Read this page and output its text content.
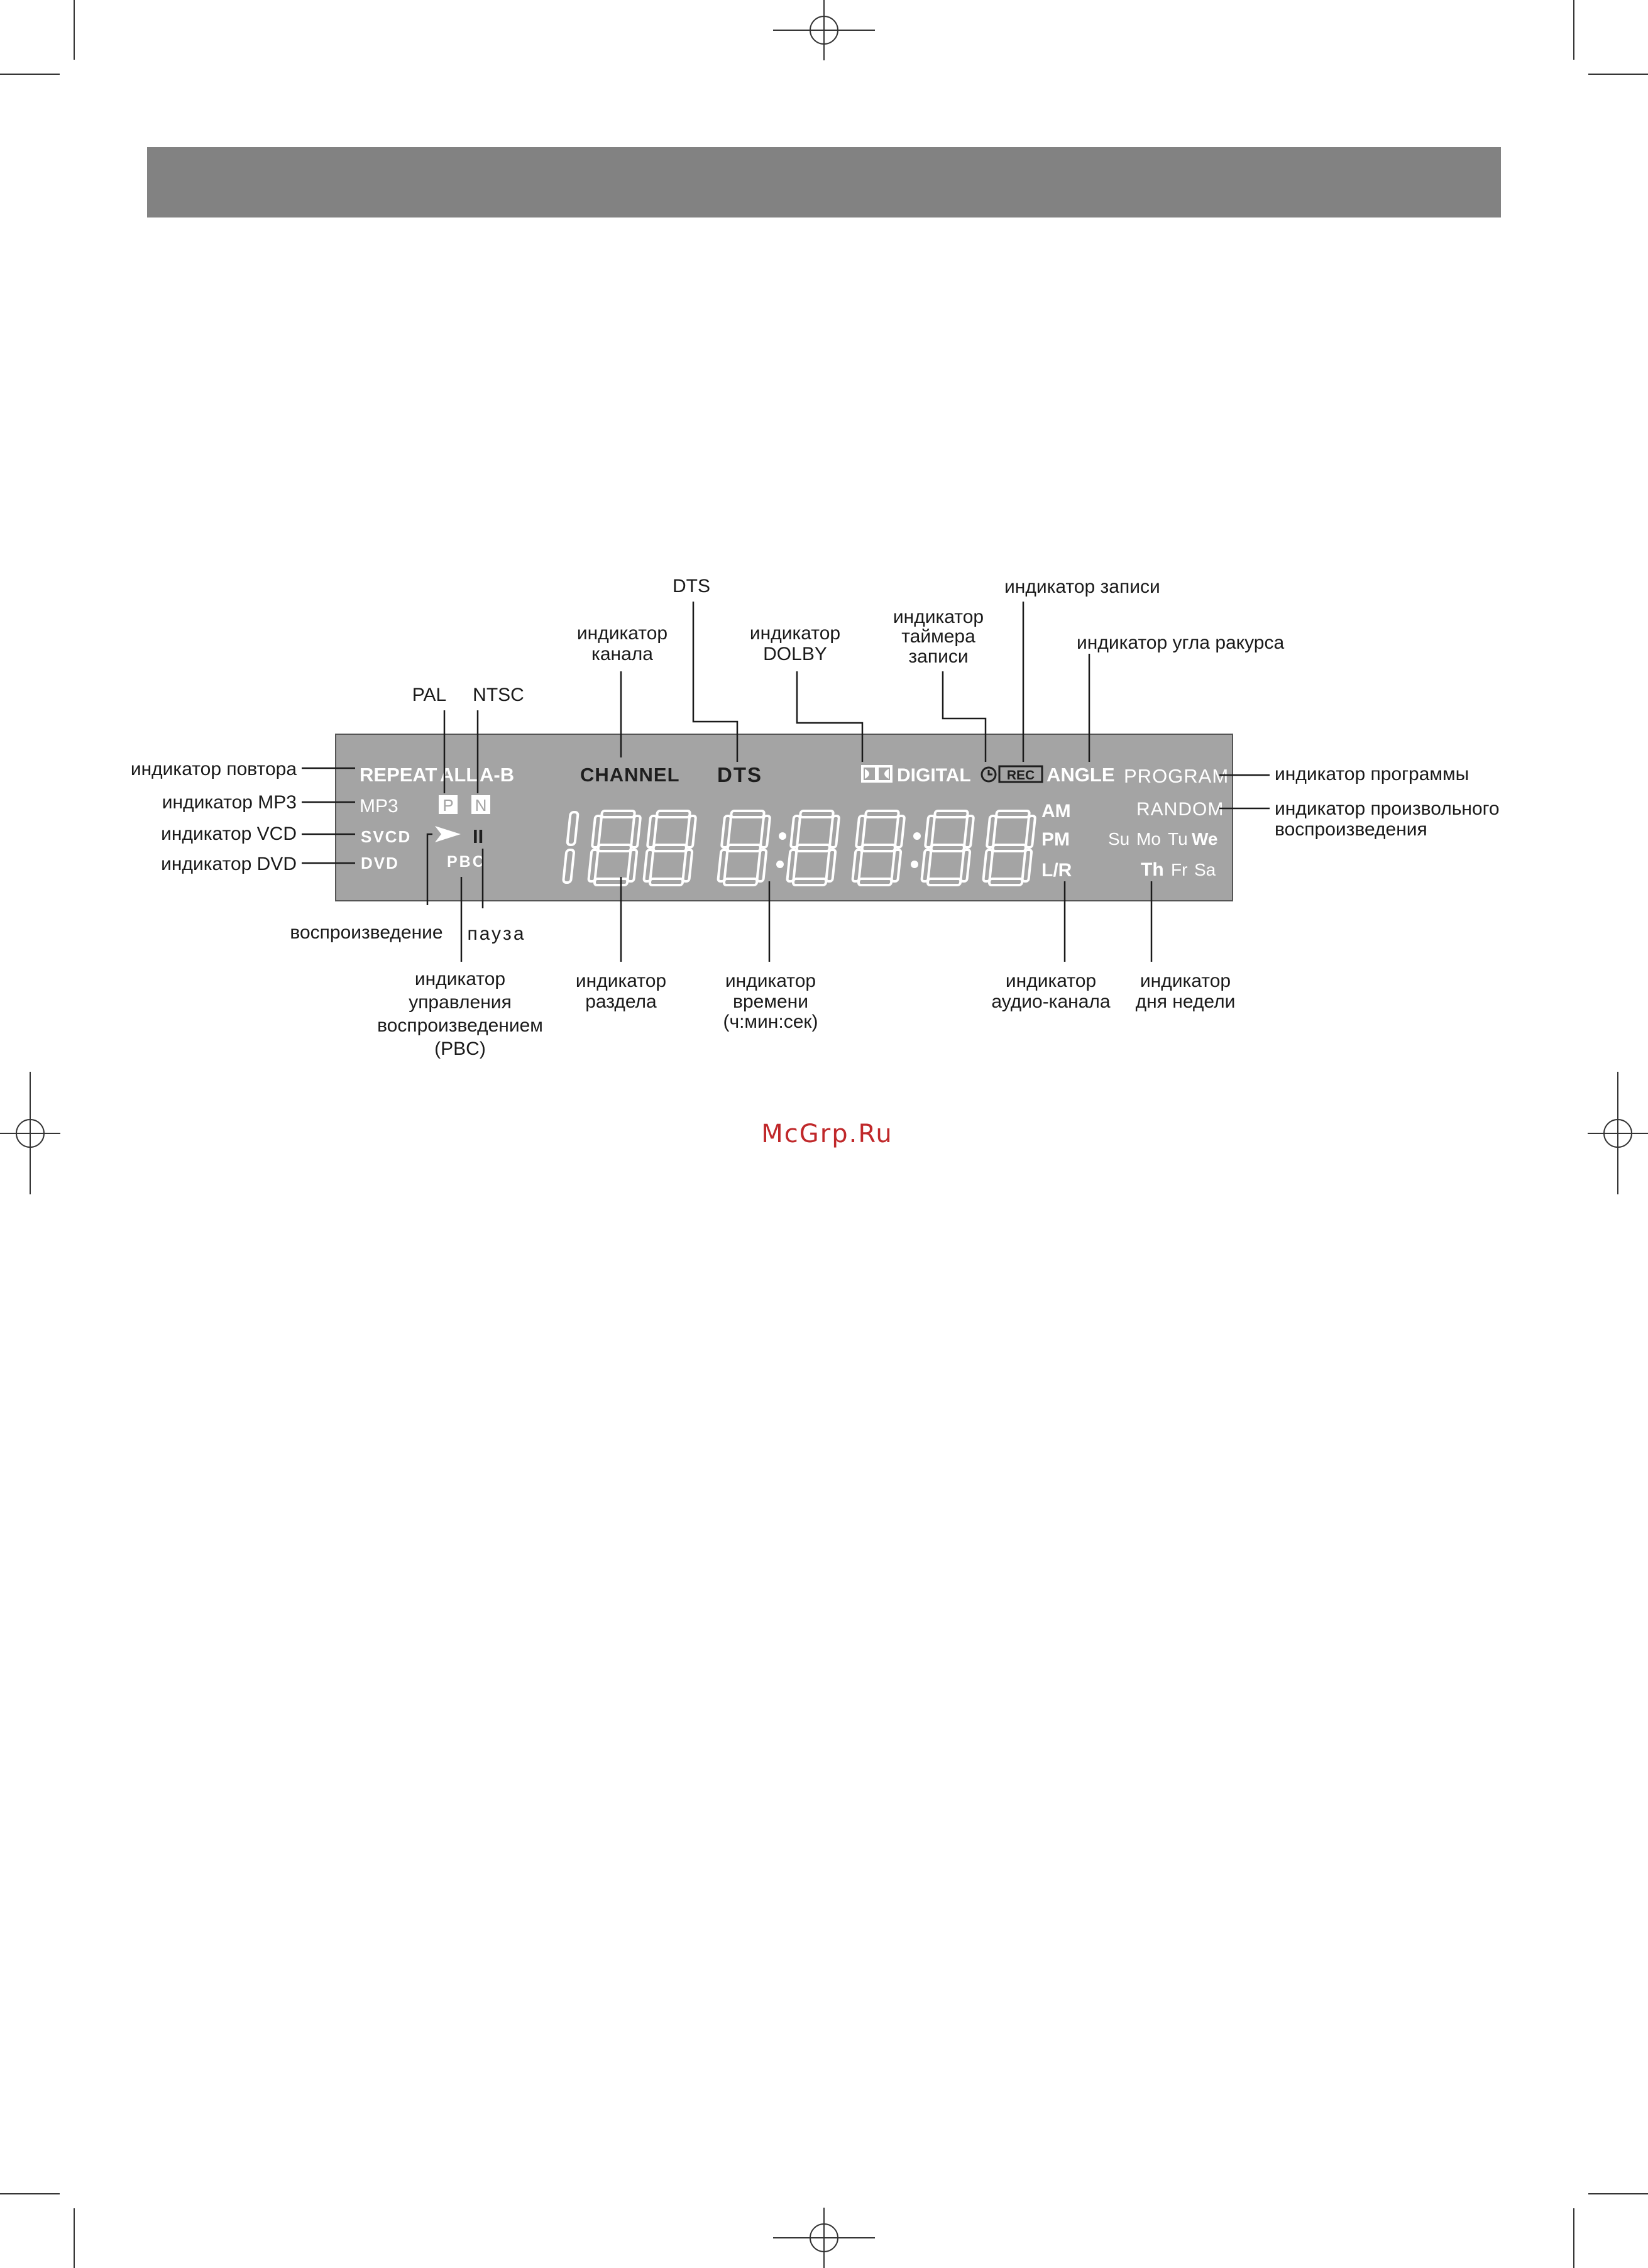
REPEAT ALL A-B	CHANNEL DTS	DIGITAL	REC ANGLE PROGRAM
MP3	P N	RANDOM
SVCD	II
AM
PM Su Mo Tu We
DVD	PBC	L/R	Th Fr Sa
DTS
индикатор
канала
индикатор
DOLBY
индикатор
таймера
записи
индикатор записи
индикатор угла ракурса
PAL NTSC
индикатор повтора
индикатор MP3
индикатор VCD
индикатор DVD
индикатор программы
индикатор произвольного
воспроизведения
воспроизведение пауза
индикатор
управления
воспроизведением
(PBC)
индикатор
раздела
индикатор
времени
(ч:мин:сек)
индикатор
аудио-канала
индикатор
дня недели
McGrp.Ru
